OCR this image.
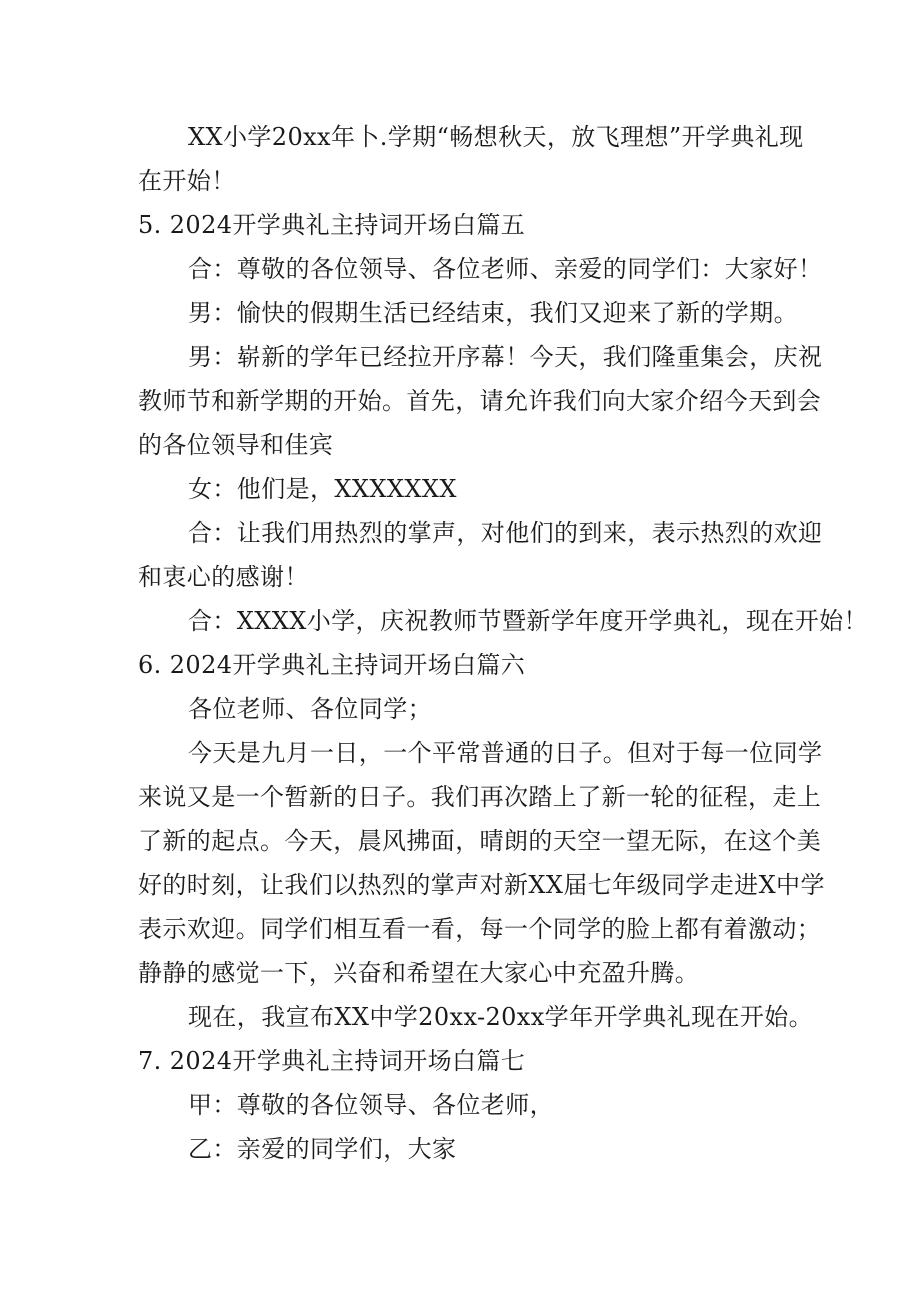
XX小学20xx年卜.学期“畅想秋天，放飞理想”开学典礼现
在开始！
5. 2024开学典礼主持词开场白篇五
合：尊敬的各位领导、各位老师、亲爱的同学们：大家好！
男：愉快的假期生活已经结束，我们又迎来了新的学期。
男：崭新的学年已经拉开序幕！今天，我们隆重集会，庆祝
教师节和新学期的开始。首先，请允许我们向大家介绍今天到会
的各位领导和佳宾
女：他们是，XXXXXXX
合：让我们用热烈的掌声，对他们的到来，表示热烈的欢迎
和衷心的感谢！
合：XXXX小学，庆祝教师节暨新学年度开学典礼，现在开始！
6. 2024开学典礼主持词开场白篇六
各位老师、各位同学；
今天是九月一日，一个平常普通的日子。但对于每一位同学
来说又是一个暂新的日子。我们再次踏上了新一轮的征程，走上
了新的起点。今天，晨风拂面，晴朗的天空一望无际，在这个美
好的时刻，让我们以热烈的掌声对新XX届七年级同学走进X中学
表示欢迎。同学们相互看一看，每一个同学的脸上都有着激动；
静静的感觉一下，兴奋和希望在大家心中充盈升腾。
现在，我宣布XX中学20xx-20xx学年开学典礼现在开始。
7. 2024开学典礼主持词开场白篇七
甲：尊敬的各位领导、各位老师，
乙：亲爱的同学们，大家
